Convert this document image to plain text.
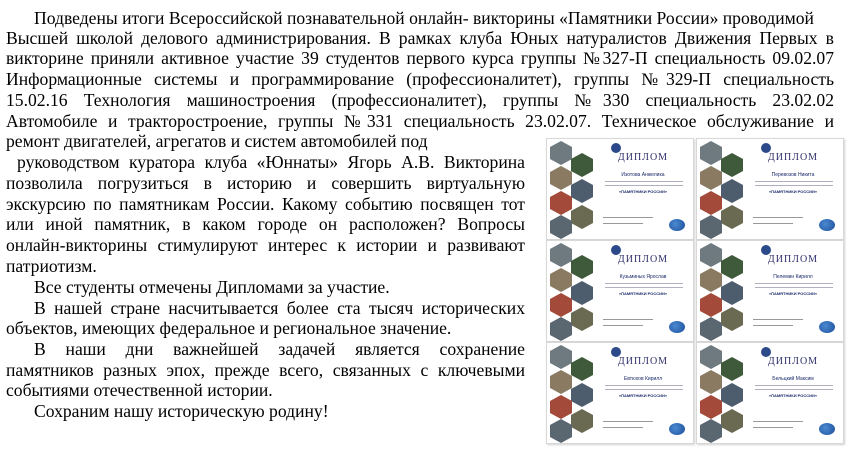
Подведены итоги Всероссийской познавательной онлайн- викторины «Памятники России» проводимой

Высшей школой делового администрирования. В рамках клуба Юных натуралистов Движения Первых в

викторине приняли активное участие 39 студентов первого курса группы №327-П специальность 09.02.07

Информационные системы и программирование (профессионалитет), группы №329-П специальность

15.02.16 Технология машиностроения (профессионалитет), группы №330 специальность 23.02.02

Автомобиле и тракторостроение, группы №331 специальность 23.02.07. Техническое обслуживание и

ремонт двигателей, агрегатов и систем автомобилей под

руководством куратора клуба «Юннаты» Ягорь А.В. Викторина

позволила погрузиться в историю и совершить виртуальную

экскурсию по памятникам России. Какому событию посвящен тот

или иной памятник, в каком городе он расположен? Вопросы

онлайн-викторины стимулируют интерес к истории и развивают

патриотизм.

Все студенты отмечены Дипломами за участие.

В нашей стране насчитывается более ста тысяч исторических

объектов, имеющих федеральное и региональное значение.

В наши дни важнейшей задачей является сохранение

памятников разных эпох, прежде всего, связанных с ключевыми

событиями отечественной истории.

Сохраним нашу историческую родину!

ДИПЛОМ
Изотова Анжелика
«ПАМЯТНИКИ РОССИИ»
ДИПЛОМ
Перевозов Никита
«ПАМЯТНИКИ РОССИИ»
ДИПЛОМ
Кузьминых Ярослав
«ПАМЯТНИКИ РОССИИ»
ДИПЛОМ
Пелемин Кирилл
«ПАМЯТНИКИ РОССИИ»
ДИПЛОМ
Евтюхов Кирилл
«ПАМЯТНИКИ РОССИИ»
ДИПЛОМ
Бельцкий Максим
«ПАМЯТНИКИ РОССИИ»
